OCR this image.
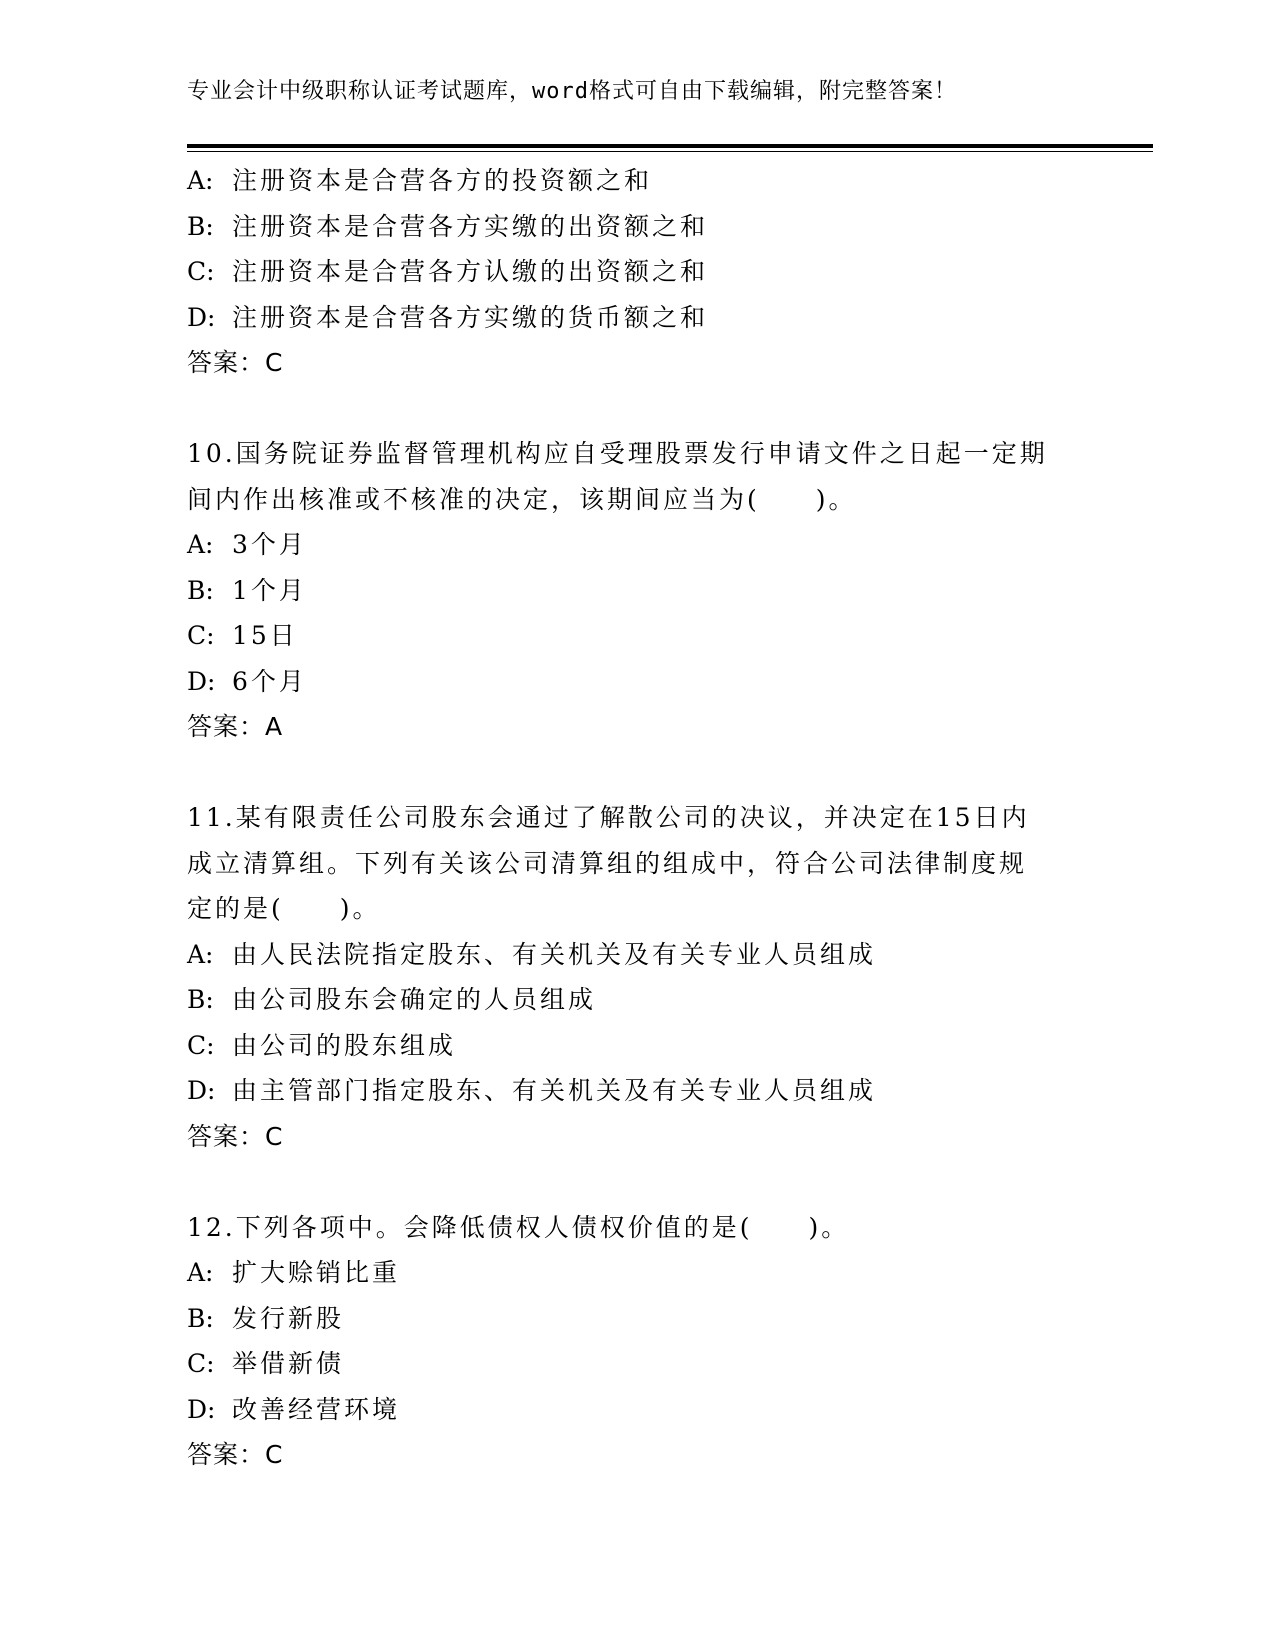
专业会计中级职称认证考试题库，word格式可自由下载编辑，附完整答案！
A: 注册资本是合营各方的投资额之和
B: 注册资本是合营各方实缴的出资额之和
C: 注册资本是合营各方认缴的出资额之和
D: 注册资本是合营各方实缴的货币额之和
答案：C
10.国务院证券监督管理机构应自受理股票发行申请文件之日起一定期
间内作出核准或不核准的决定，该期间应当为(　　)。
A: 3个月
B: 1个月
C: 15日
D: 6个月
答案：A
11.某有限责任公司股东会通过了解散公司的决议，并决定在15日内
成立清算组。下列有关该公司清算组的组成中，符合公司法律制度规
定的是(　　)。
A: 由人民法院指定股东、有关机关及有关专业人员组成
B: 由公司股东会确定的人员组成
C: 由公司的股东组成
D: 由主管部门指定股东、有关机关及有关专业人员组成
答案：C
12.下列各项中。会降低债权人债权价值的是(　　)。
A: 扩大赊销比重
B: 发行新股
C: 举借新债
D: 改善经营环境
答案：C
